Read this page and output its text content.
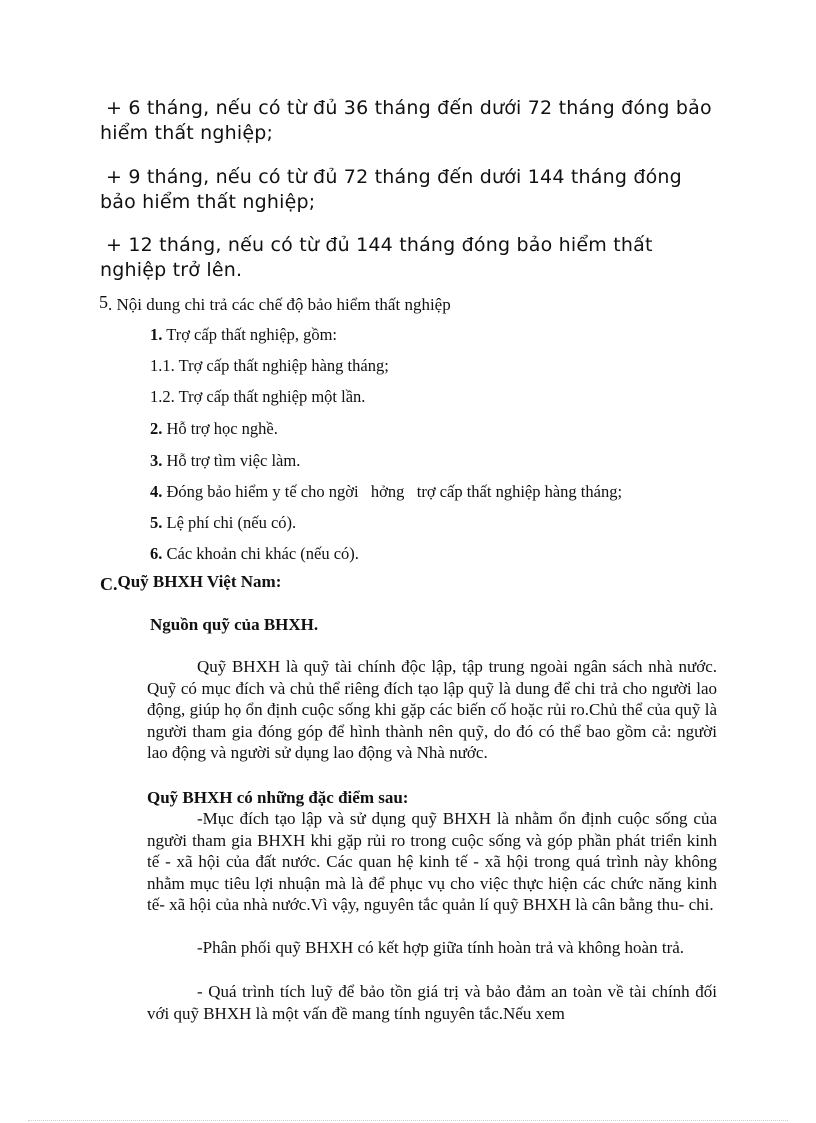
+ 6 tháng, nếu có từ đủ 36 tháng đến dưới 72 tháng đóng bảo
hiểm thất nghiệp;
+ 9 tháng, nếu có từ đủ 72 tháng đến dưới 144 tháng đóng
bảo hiểm thất nghiệp;
+ 12 tháng, nếu có từ đủ 144 tháng đóng bảo hiểm thất
nghiệp trở lên.
5. Nội dung chi trả các chế độ bảo hiểm thất nghiệp
1. Trợ cấp thất nghiệp, gồm:
1.1. Trợ cấp thất nghiệp hàng tháng;
1.2. Trợ cấp thất nghiệp một lần.
2. Hỗ trợ học nghề.
3. Hỗ trợ tìm việc làm.
4. Đóng bảo hiểm y tế cho ngời   hởng   trợ cấp thất nghiệp hàng tháng;
5. Lệ phí chi (nếu có).
6. Các khoản chi khác (nếu có).
C.Quỹ BHXH Việt Nam:
Nguồn quỹ của BHXH.
Quỹ BHXH là quỹ tài chính độc lập, tập trung ngoài ngân sách nhà nước. Quỹ có mục đích và chủ thể riêng đích tạo lập quỹ là dung để chi trả cho người lao động, giúp họ ổn định cuộc sống khi gặp các biến cố hoặc rủi ro.Chủ thể của quỹ là người tham gia đóng góp để hình thành nên quỹ, do đó có thể bao gồm cả: người lao động và người sử dụng lao động và Nhà nước.
Quỹ BHXH có những đặc điểm sau:
-Mục đích tạo lập và sử dụng quỹ BHXH là nhằm ổn định cuộc sống của người tham gia BHXH khi gặp rủi ro trong cuộc sống và góp phần phát triển kinh tế - xã hội của đất nước. Các quan hệ kinh tế - xã hội trong quá trình này không nhằm mục tiêu lợi nhuận mà là để phục vụ cho việc thực hiện các chức năng kinh tế- xã hội của nhà nước.Vì vậy, nguyên tắc quản lí quỹ BHXH là cân bằng thu- chi.
-Phân phối quỹ BHXH có kết hợp giữa tính hoàn trả và không hoàn trả.
- Quá trình tích luỹ để bảo tồn giá trị và bảo đảm an toàn về tài chính đối với quỹ BHXH là một vấn đề mang tính nguyên tắc.Nếu xem
